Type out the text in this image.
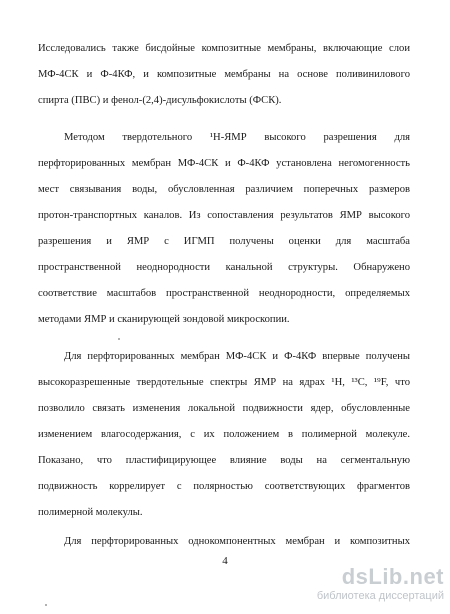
Исследовались также бисдойные композитные мембраны, включающие слои
МФ-4СК и Ф-4КФ, и композитные мембраны на основе поливинилового
спирта (ПВС) и фенол-(2,4)-дисульфокислоты (ФСК).
Методом твердотельного ¹Н-ЯМР высокого разрешения для
перфторированных мембран МФ-4СК и Ф-4КФ установлена негомогенность
мест связывания воды, обусловленная различием поперечных размеров
протон-транспортных каналов. Из сопоставления результатов ЯМР высокого
разрешения и ЯМР с ИГМП получены оценки для масштаба
пространственной неоднородности канальной структуры. Обнаружено
соответствие масштабов пространственной неоднородности, определяемых
методами ЯМР и сканирующей зондовой микроскопии.
Для перфторированных мембран МФ-4СК и Ф-4КФ впервые получены
высокоразрешенные твердотельные спектры ЯМР на ядрах ¹Н, ¹³С, ¹⁹F, что
позволило связать изменения локальной подвижности ядер, обусловленные
изменением влагосодержания, с их положением в полимерной молекуле.
Показано, что пластифицирующее влияние воды на сегментальную
подвижность коррелирует с полярностью соответствующих фрагментов
полимерной молекулы.
Для перфторированных однокомпонентных мембран и композитных
4
dsLib.net
библиотека диссертаций
